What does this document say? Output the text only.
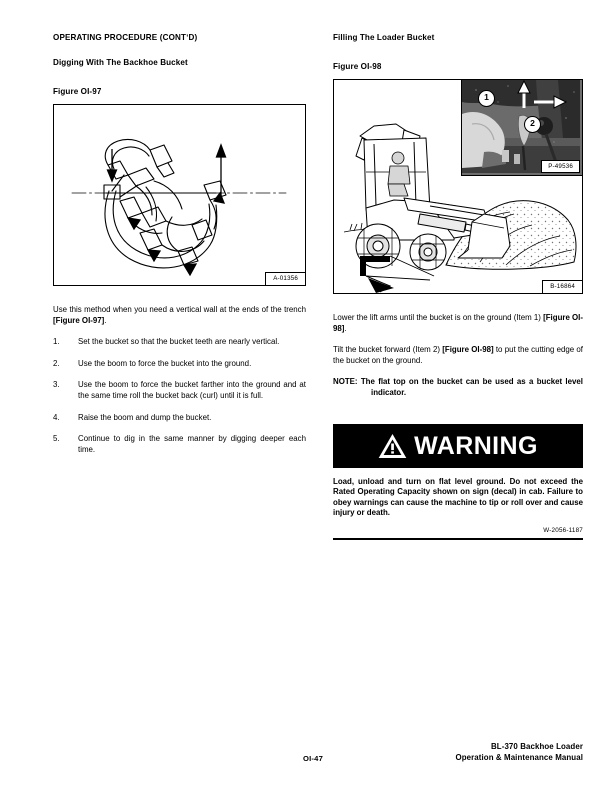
OPERATING PROCEDURE (CONTʼD)
Digging With The Backhoe Bucket
Figure OI-97
A-01356

Use this method when you need a vertical wall at the ends of the trench [Figure OI-97].

1.	Set the bucket so that the bucket teeth are nearly vertical.
2.	Use the boom to force the bucket into the ground.
3.	Use the boom to force the bucket farther into the ground and at the same time roll the bucket back (curl) until it is full.
4.	Raise the boom and dump the bucket.
5.	Continue to dig in the same manner by digging deeper each time.
Filling The Loader Bucket
Figure OI-98
1
2
P-49536
B-16864

Lower the lift arms until the bucket is on the ground (Item 1) [Figure OI-98].

Tilt the bucket forward (Item 2) [Figure OI-98] to put the cutting edge of the bucket on the ground.

NOTE: The flat top on the bucket can be used as a bucket level indicator.

WARNING

Load, unload and turn on flat level ground. Do not exceed the Rated Operating Capacity shown on sign (decal) in cab. Failure to obey warnings can cause the machine to tip or roll over and cause injury or death.

W-2056-1187
OI-47
BL-370 Backhoe Loader
Operation & Maintenance Manual
